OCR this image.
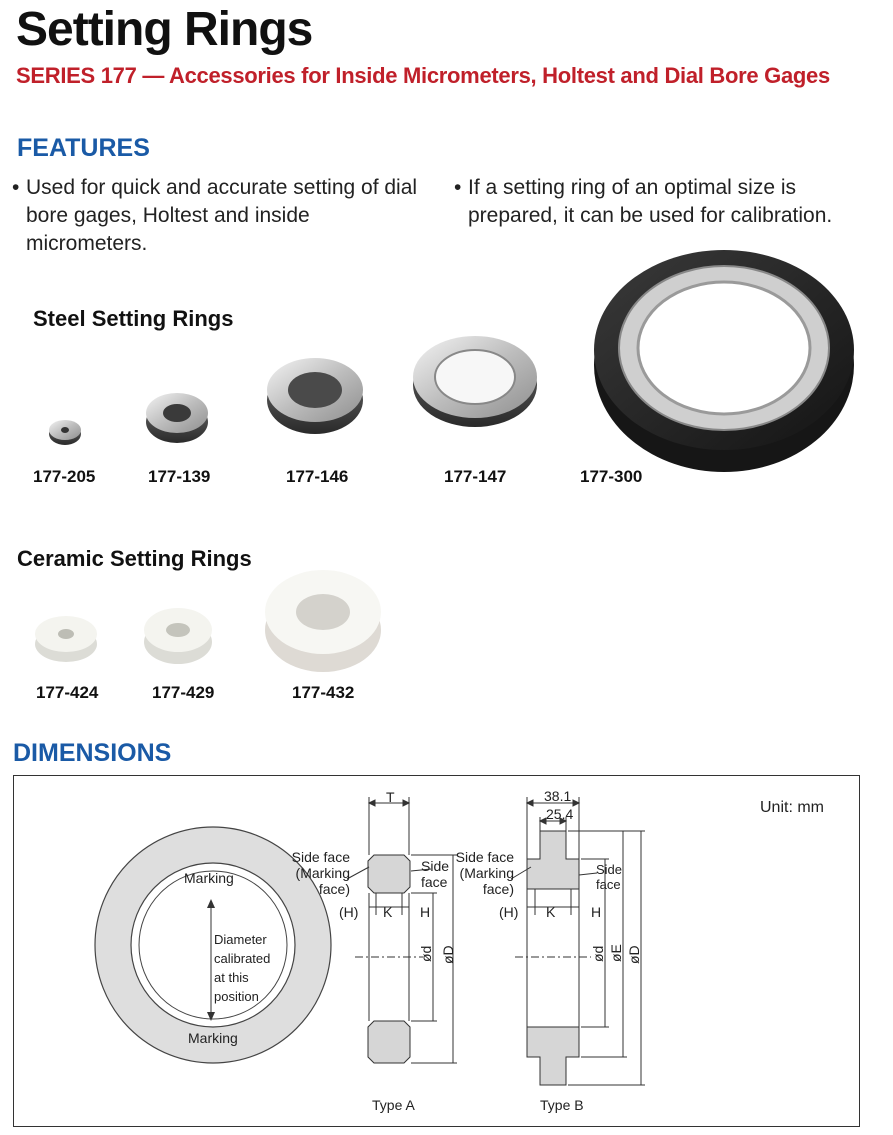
Setting Rings
SERIES 177 — Accessories for Inside Micrometers, Holtest and Dial Bore Gages
FEATURES
• Used for quick and accurate setting of dial
bore gages, Holtest and inside micrometers.
• If a setting ring of an optimal size is
prepared, it can be used for calibration.
Steel Setting Rings
177-205	177-139	177-146	177-147	177-300
Ceramic Setting Rings
177-424	177-429	177-432
DIMENSIONS
Unit: mm
Marking
Marking
Diameter
calibrated
at this
position
T
Side face
(Marking
face)
Side
face
(H) K H
ød øD
Type A
38.1
25.4
Side face
(Marking
face)
Side
face
(H) K	H
ød øE øD
Type B
